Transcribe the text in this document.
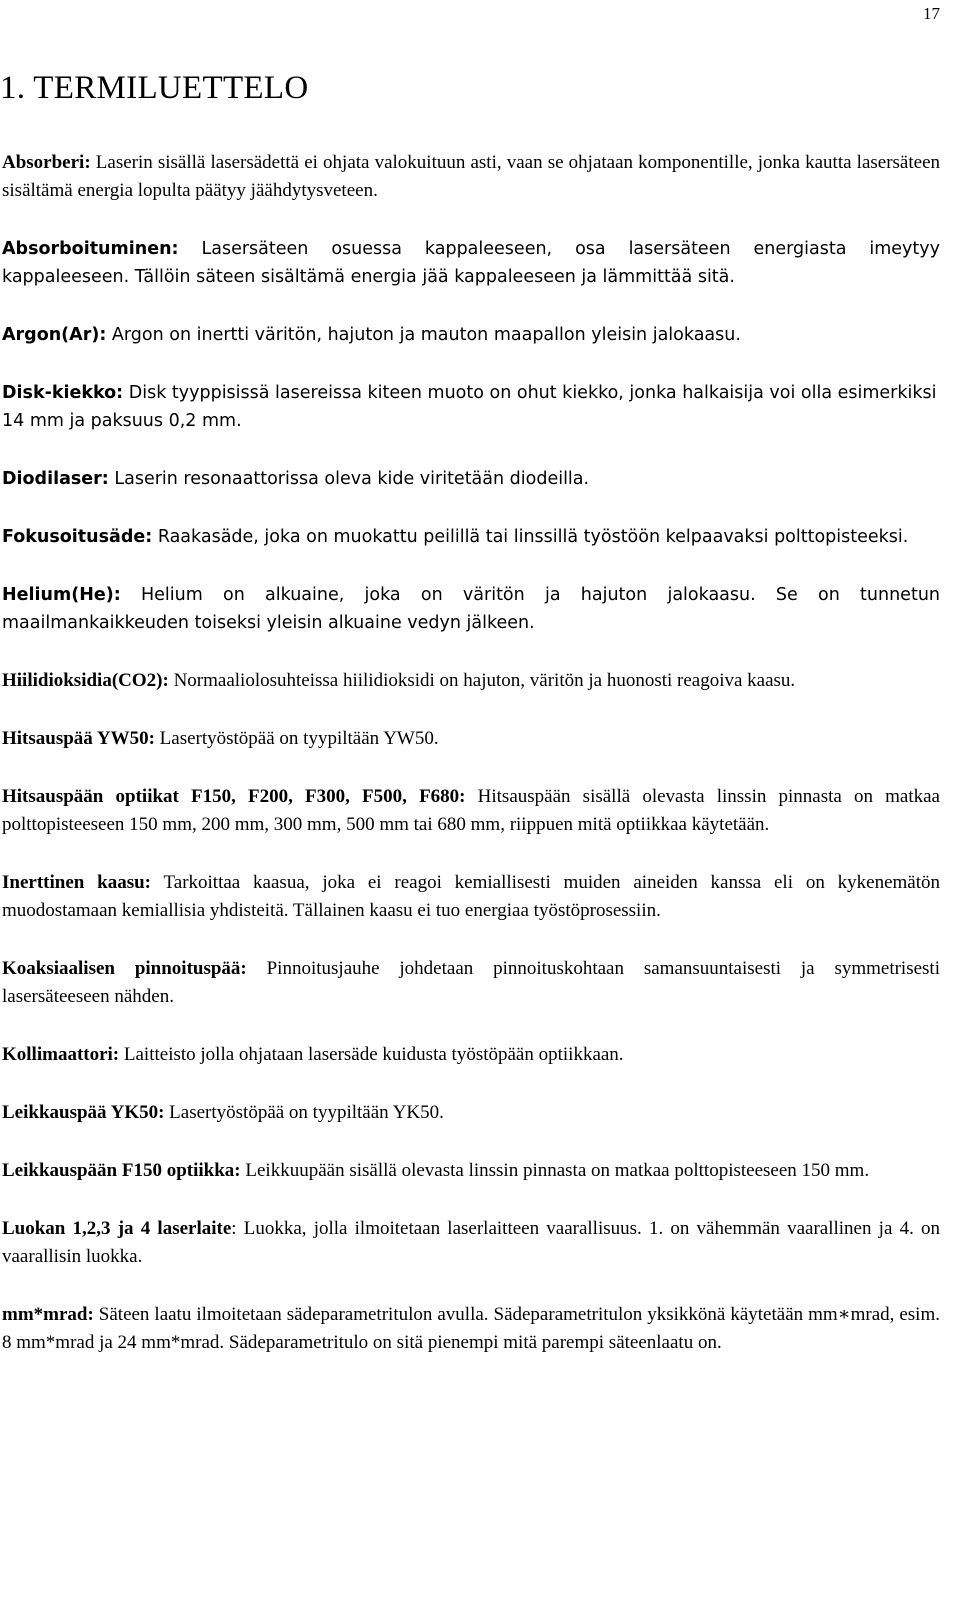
17
1. TERMILUETTELO

Absorberi: Laserin sisällä lasersädettä ei ohjata valokuituun asti, vaan se ohjataan komponentille, jonka kautta lasersäteen sisältämä energia lopulta päätyy jäähdytysveteen.

Absorboituminen: Lasersäteen osuessa kappaleeseen, osa lasersäteen energiasta imeytyy kappaleeseen. Tällöin säteen sisältämä energia jää kappaleeseen ja lämmittää sitä.

Argon(Ar): Argon on inertti väritön, hajuton ja mauton maapallon yleisin jalokaasu.

Disk-kiekko: Disk tyyppisissä lasereissa kiteen muoto on ohut kiekko, jonka halkaisija voi olla esimerkiksi 14 mm ja paksuus 0,2 mm.

Diodilaser: Laserin resonaattorissa oleva kide viritetään diodeilla.

Fokusoitusäde: Raakasäde, joka on muokattu peilillä tai linssillä työstöön kelpaavaksi polttopisteeksi.

Helium(He): Helium on alkuaine, joka on väritön ja hajuton jalokaasu. Se on tunnetun maailmankaikkeuden toiseksi yleisin alkuaine vedyn jälkeen.

Hiilidioksidia(CO2): Normaaliolosuhteissa hiilidioksidi on hajuton, väritön ja huonosti reagoiva kaasu.

Hitsauspää YW50: Lasertyöstöpää on tyypiltään YW50.

Hitsauspään optiikat F150, F200, F300, F500, F680: Hitsauspään sisällä olevasta linssin pinnasta on matkaa polttopisteeseen 150 mm, 200 mm, 300 mm, 500 mm tai 680 mm, riippuen mitä optiikkaa käytetään.

Inerttinen kaasu: Tarkoittaa kaasua, joka ei reagoi kemiallisesti muiden aineiden kanssa eli on kykenemätön muodostamaan kemiallisia yhdisteitä. Tällainen kaasu ei tuo energiaa työstöprosessiin.

Koaksiaalisen pinnoituspää: Pinnoitusjauhe johdetaan pinnoituskohtaan samansuuntaisesti ja symmetrisesti lasersäteeseen nähden.

Kollimaattori: Laitteisto jolla ohjataan lasersäde kuidusta työstöpään optiikkaan.

Leikkauspää YK50: Lasertyöstöpää on tyypiltään YK50.

Leikkauspään F150 optiikka: Leikkuupään sisällä olevasta linssin pinnasta on matkaa polttopisteeseen 150 mm.

Luokan 1,2,3 ja 4 laserlaite: Luokka, jolla ilmoitetaan laserlaitteen vaarallisuus. 1. on vähemmän vaarallinen ja 4. on vaarallisin luokka.

mm*mrad: Säteen laatu ilmoitetaan sädeparametritulon avulla. Sädeparametritulon yksikkönä käytetään mm∗mrad, esim. 8 mm*mrad ja 24 mm*mrad. Sädeparametritulo on sitä pienempi mitä parempi säteenlaatu on.
